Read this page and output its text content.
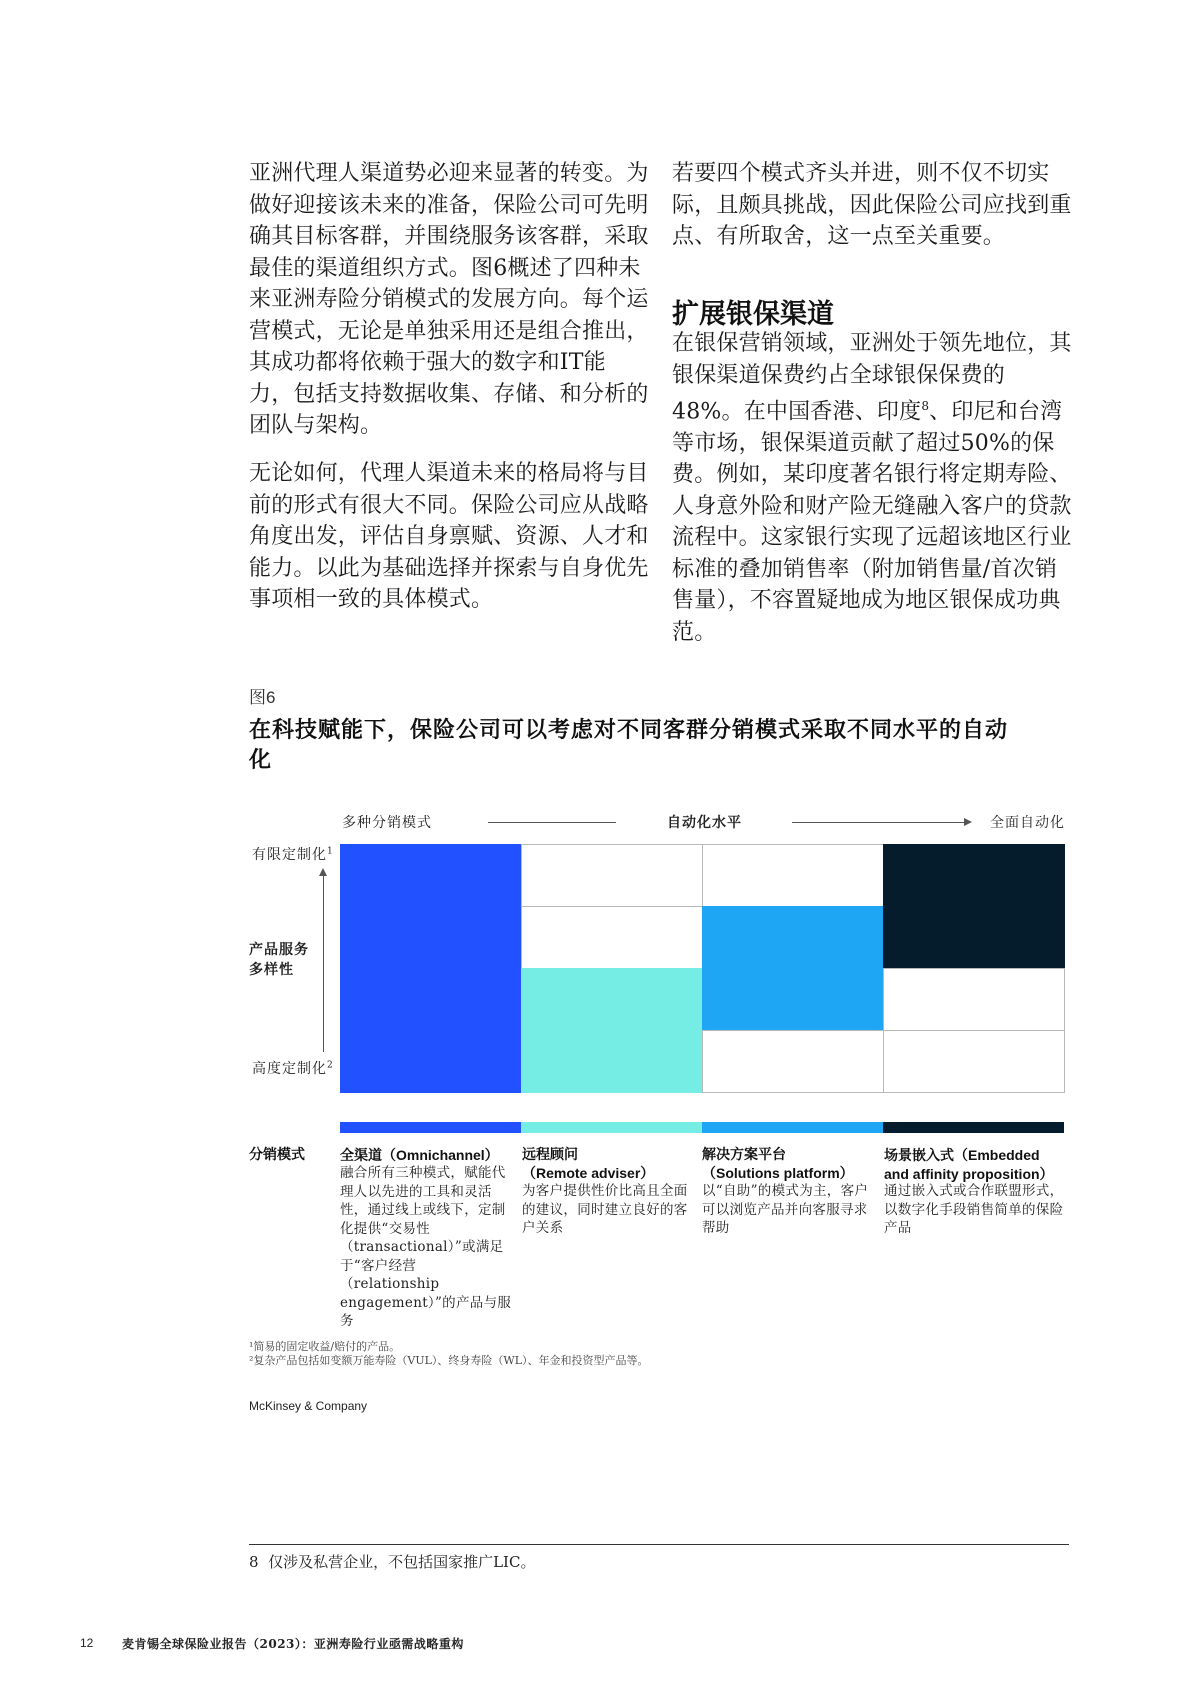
亚洲代理人渠道势必迎来显著的转变。为做好迎接该未来的准备，保险公司可先明确其目标客群，并围绕服务该客群，采取最佳的渠道组织方式。图6概述了四种未来亚洲寿险分销模式的发展方向。每个运营模式，无论是单独采用还是组合推出，其成功都将依赖于强大的数字和IT能力，包括支持数据收集、存储、和分析的团队与架构。
无论如何，代理人渠道未来的格局将与目前的形式有很大不同。保险公司应从战略角度出发，评估自身禀赋、资源、人才和能力。以此为基础选择并探索与自身优先事项相一致的具体模式。
若要四个模式齐头并进，则不仅不切实际，且颇具挑战，因此保险公司应找到重点、有所取舍，这一点至关重要。
扩展银保渠道
在银保营销领域，亚洲处于领先地位，其银保渠道保费约占全球银保保费的48%。在中国香港、印度$^8$、印尼和台湾等市场，银保渠道贡献了超过50%的保费。例如，某印度著名银行将定期寿险、人身意外险和财产险无缝融入客户的贷款流程中。这家银行实现了远超该地区行业标准的叠加销售率（附加销售量/首次销售量），不容置疑地成为地区银保成功典范。
图6
在科技赋能下，保险公司可以考虑对不同客群分销模式采取不同水平的自动化
多种分销模式	自动化水平	全面自动化
有限定制化$^1$
产品服务
多样性
高度定制化$^2$
分销模式	全渠道（Omnichannel）
融合所有三种模式，赋能代理人以先进的工具和灵活性，通过线上或线下，定制化提供“交易性（transactional）”或满足于“客户经营（relationship engagement）”的产品与服务
远程顾问
（Remote adviser）
为客户提供性价比高且全面的建议，同时建立良好的客户关系
解决方案平台
（Solutions platform）
以“自助”的模式为主，客户可以浏览产品并向客服寻求帮助
场景嵌入式（Embedded and affinity proposition）
通过嵌入式或合作联盟形式，以数字化手段销售简单的保险产品
¹简易的固定收益/赔付的产品。
²复杂产品包括如变额万能寿险（VUL）、终身寿险（WL）、年金和投资型产品等。
McKinsey & Company
8  仅涉及私营企业，不包括国家推广LIC。
12 麦肯锡全球保险业报告（2023）：亚洲寿险行业亟需战略重构
